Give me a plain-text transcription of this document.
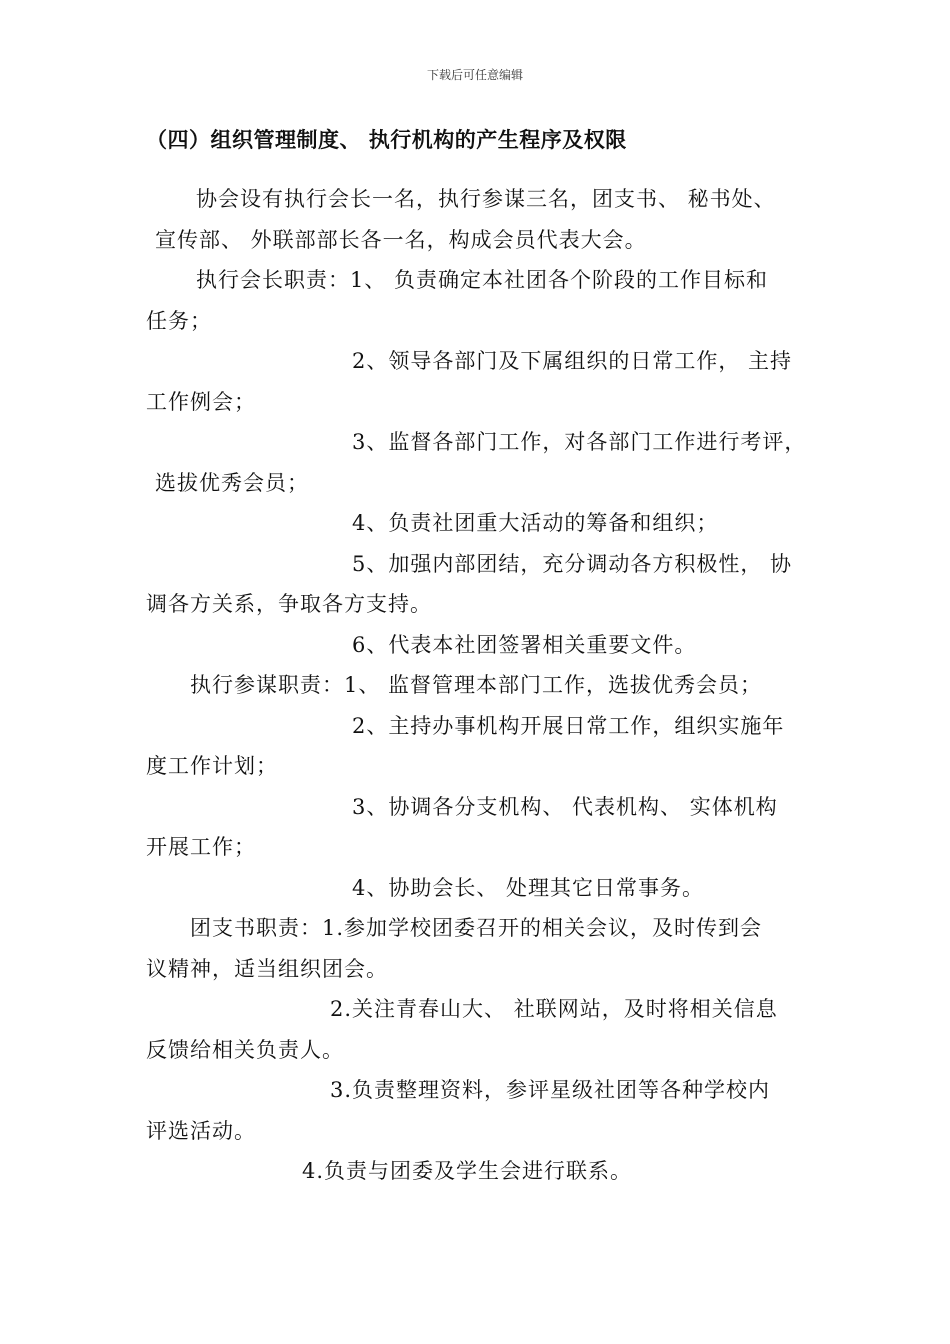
下载后可任意编辑
（四）组织管理制度、 执行机构的产生程序及权限
协会设有执行会长一名，执行参谋三名，团支书、 秘书处、
宣传部、 外联部部长各一名，构成会员代表大会。
执行会长职责：1、 负责确定本社团各个阶段的工作目标和
任务；
2、领导各部门及下属组织的日常工作， 主持
工作例会；
3、监督各部门工作，对各部门工作进行考评，
选拔优秀会员；
4、负责社团重大活动的筹备和组织；
5、加强内部团结，充分调动各方积极性， 协
调各方关系，争取各方支持。
6、代表本社团签署相关重要文件。
执行参谋职责：1、 监督管理本部门工作，选拔优秀会员；
2、主持办事机构开展日常工作，组织实施年
度工作计划；
3、协调各分支机构、 代表机构、 实体机构
开展工作；
4、协助会长、 处理其它日常事务。
团支书职责：1.参加学校团委召开的相关会议，及时传到会
议精神，适当组织团会。
2.关注青春山大、 社联网站，及时将相关信息
反馈给相关负责人。
3.负责整理资料，参评星级社团等各种学校内
评选活动。
4.负责与团委及学生会进行联系。
